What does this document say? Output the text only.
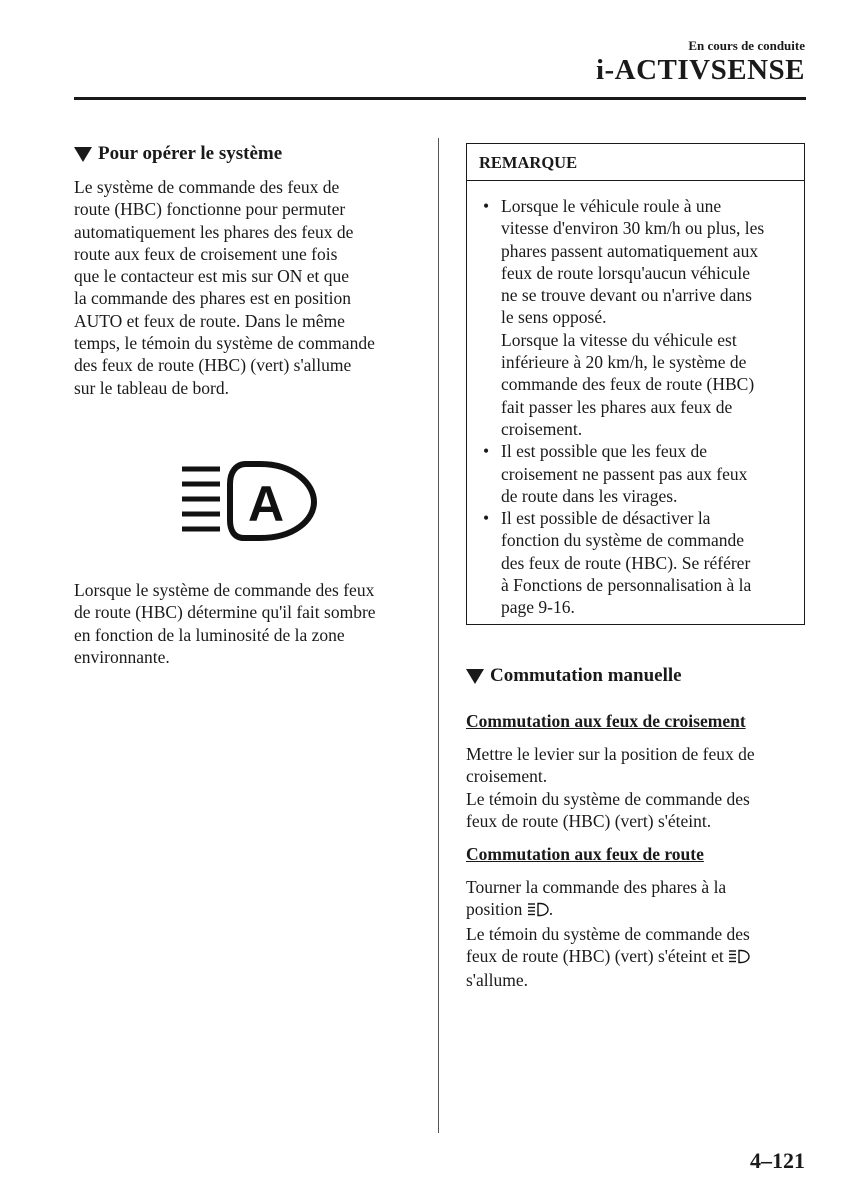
En cours de conduite
i-ACTIVSENSE
Pour opérer le système
Le système de commande des feux de
route (HBC) fonctionne pour permuter
automatiquement les phares des feux de
route aux feux de croisement une fois
que le contacteur est mis sur ON et que
la commande des phares est en position
AUTO et feux de route. Dans le même
temps, le témoin du système de commande
des feux de route (HBC) (vert) s'allume
sur le tableau de bord.
A
Lorsque le système de commande des feux
de route (HBC) détermine qu'il fait sombre
en fonction de la luminosité de la zone
environnante.
REMARQUE
• Lorsque le véhicule roule à une
vitesse d'environ 30 km/h ou plus, les
phares passent automatiquement aux
feux de route lorsqu'aucun véhicule
ne se trouve devant ou n'arrive dans
le sens opposé.
Lorsque la vitesse du véhicule est
inférieure à 20 km/h, le système de
commande des feux de route (HBC)
fait passer les phares aux feux de
croisement.
• Il est possible que les feux de
croisement ne passent pas aux feux
de route dans les virages.
• Il est possible de désactiver la
fonction du système de commande
des feux de route (HBC). Se référer
à Fonctions de personnalisation à la
page 9-16.
Commutation manuelle
Commutation aux feux de croisement
Mettre le levier sur la position de feux de
croisement.
Le témoin du système de commande des
feux de route (HBC) (vert) s'éteint.
Commutation aux feux de route
Tourner la commande des phares à la
position .
Le témoin du système de commande des
feux de route (HBC) (vert) s'éteint et
s'allume.
4–121
